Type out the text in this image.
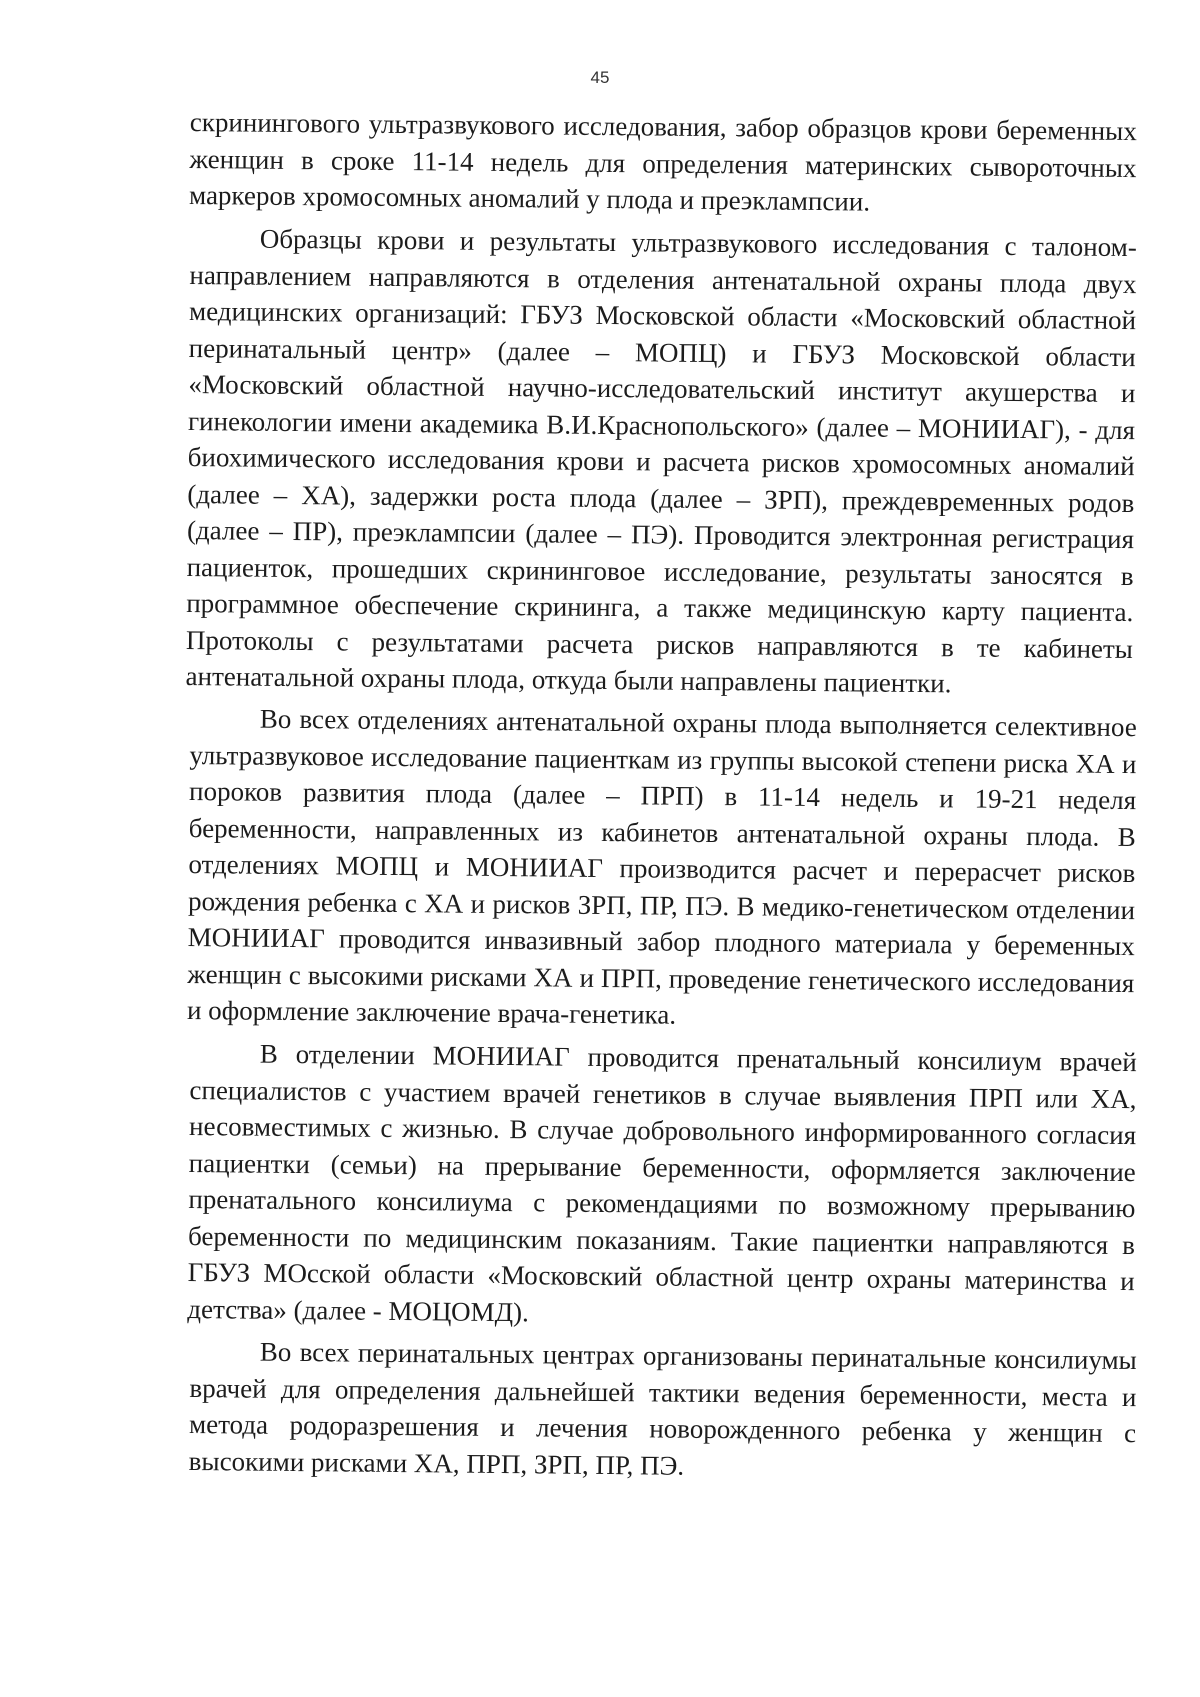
45

скринингового ультразвукового исследования, забор образцов крови беременных женщин в сроке 11-14 недель для определения материнских сывороточных маркеров хромосомных аномалий у плода и преэклампсии.

Образцы крови и результаты ультразвукового исследования с талоном-направлением направляются в отделения антенатальной охраны плода двух медицинских организаций: ГБУЗ Московской области «Московский областной перинатальный центр» (далее – МОПЦ) и ГБУЗ Московской области «Московский областной научно-исследовательский институт акушерства и гинекологии имени академика В.И.Краснопольского» (далее – МОНИИАГ), - для биохимического исследования крови и расчета рисков хромосомных аномалий (далее – ХА), задержки роста плода (далее – ЗРП), преждевременных родов (далее – ПР), преэклампсии (далее – ПЭ). Проводится электронная регистрация пациенток, прошедших скрининговое исследование, результаты заносятся в программное обеспечение скрининга, а также медицинскую карту пациента. Протоколы с результатами расчета рисков направляются в те кабинеты антенатальной охраны плода, откуда были направлены пациентки.

Во всех отделениях антенатальной охраны плода выполняется селективное ультразвуковое исследование пациенткам из группы высокой степени риска ХА и пороков развития плода (далее – ПРП) в 11-14 недель и 19-21 неделя беременности, направленных из кабинетов антенатальной охраны плода. В отделениях МОПЦ и МОНИИАГ производится расчет и перерасчет рисков рождения ребенка с ХА и рисков ЗРП, ПР, ПЭ. В медико-генетическом отделении МОНИИАГ проводится инвазивный забор плодного материала у беременных женщин с высокими рисками ХА и ПРП, проведение генетического исследования и оформление заключение врача-генетика.

В отделении МОНИИАГ проводится пренатальный консилиум врачей специалистов с участием врачей генетиков в случае выявления ПРП или ХА, несовместимых с жизнью. В случае добровольного информированного согласия пациентки (семьи) на прерывание беременности, оформляется заключение пренатального консилиума с рекомендациями по возможному прерыванию беременности по медицинским показаниям. Такие пациентки направляются в ГБУЗ МОсской области «Московский областной центр охраны материнства и детства» (далее - МОЦОМД).

Во всех перинатальных центрах организованы перинатальные консилиумы врачей для определения дальнейшей тактики ведения беременности, места и метода родоразрешения и лечения новорожденного ребенка у женщин с высокими рисками ХА, ПРП, ЗРП, ПР, ПЭ.
